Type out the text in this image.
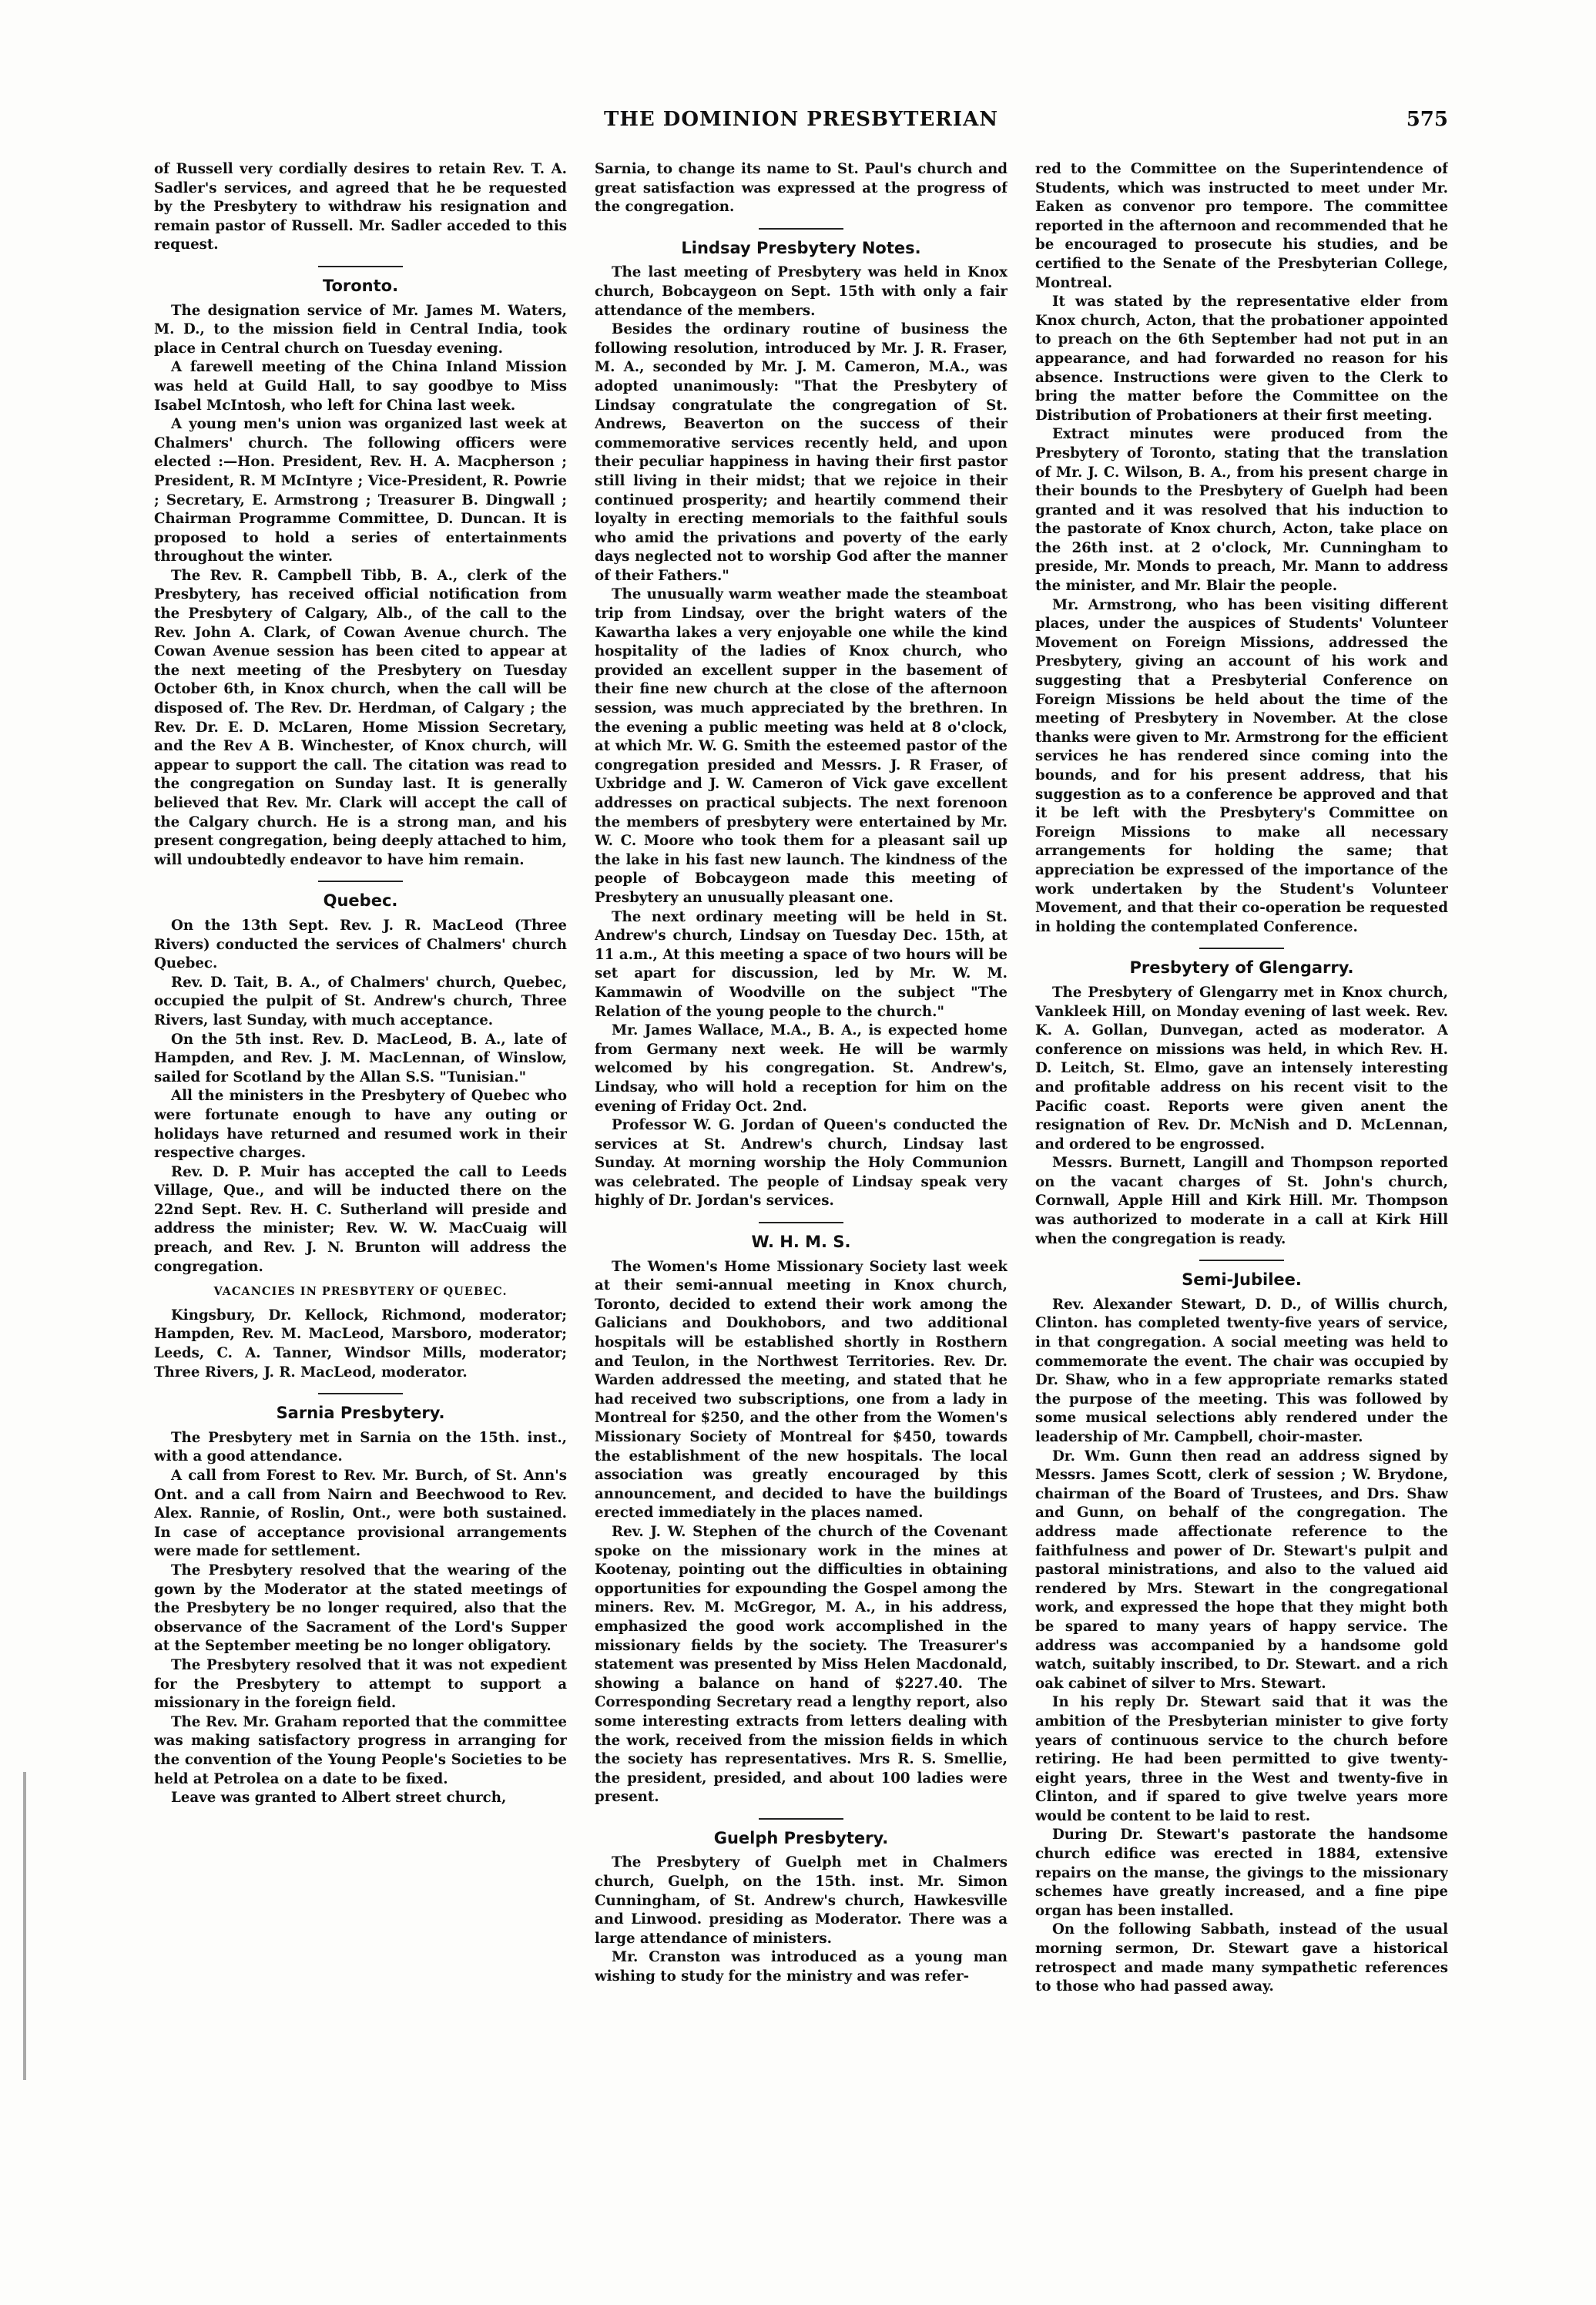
THE DOMINION PRESBYTERIAN	575

of Russell very cordially desires to retain Rev. T. A. Sadler's services, and agreed that he be requested by the Presbytery to withdraw his resignation and remain pastor of Russell. Mr. Sadler acceded to this request.

Toronto.

The designation service of Mr. James M. Waters, M. D., to the mission field in Central India, took place in Central church on Tuesday evening.

A farewell meeting of the China Inland Mission was held at Guild Hall, to say goodbye to Miss Isabel McIntosh, who left for China last week.

A young men's union was organized last week at Chalmers' church. The following officers were elected :—Hon. President, Rev. H. A. Macpherson ; President, R. M McIntyre ; Vice-President, R. Powrie ; Secretary, E. Armstrong ; Treasurer B. Dingwall ; Chairman Programme Committee, D. Duncan. It is proposed to hold a series of entertainments throughout the winter.

The Rev. R. Campbell Tibb, B. A., clerk of the Presbytery, has received official notification from the Presbytery of Calgary, Alb., of the call to the Rev. John A. Clark, of Cowan Avenue church. The Cowan Avenue session has been cited to appear at the next meeting of the Presbytery on Tuesday October 6th, in Knox church, when the call will be disposed of. The Rev. Dr. Herdman, of Calgary ; the Rev. Dr. E. D. McLaren, Home Mission Secretary, and the Rev A B. Winchester, of Knox church, will appear to support the call. The citation was read to the congregation on Sunday last. It is generally believed that Rev. Mr. Clark will accept the call of the Calgary church. He is a strong man, and his present congregation, being deeply attached to him, will undoubtedly endeavor to have him remain.

Quebec.

On the 13th Sept. Rev. J. R. MacLeod (Three Rivers) conducted the services of Chalmers' church Quebec.

Rev. D. Tait, B. A., of Chalmers' church, Quebec, occupied the pulpit of St. Andrew's church, Three Rivers, last Sunday, with much acceptance.

On the 5th inst. Rev. D. MacLeod, B. A., late of Hampden, and Rev. J. M. MacLennan, of Winslow, sailed for Scotland by the Allan S.S. "Tunisian."

All the ministers in the Presbytery of Quebec who were fortunate enough to have any outing or holidays have returned and resumed work in their respective charges.

Rev. D. P. Muir has accepted the call to Leeds Village, Que., and will be inducted there on the 22nd Sept. Rev. H. C. Sutherland will preside and address the minister; Rev. W. W. MacCuaig will preach, and Rev. J. N. Brunton will address the congregation.

VACANCIES IN PRESBYTERY OF QUEBEC.

Kingsbury, Dr. Kellock, Richmond, moderator; Hampden, Rev. M. MacLeod, Marsboro, moderator; Leeds, C. A. Tanner, Windsor Mills, moderator; Three Rivers, J. R. MacLeod, moderator.

Sarnia Presbytery.

The Presbytery met in Sarnia on the 15th. inst., with a good attendance.

A call from Forest to Rev. Mr. Burch, of St. Ann's Ont. and a call from Nairn and Beechwood to Rev. Alex. Rannie, of Roslin, Ont., were both sustained. In case of acceptance provisional arrangements were made for settlement.

The Presbytery resolved that the wearing of the gown by the Moderator at the stated meetings of the Presbytery be no longer required, also that the observance of the Sacrament of the Lord's Supper at the September meeting be no longer obligatory.

The Presbytery resolved that it was not expedient for the Presbytery to attempt to support a missionary in the foreign field.

The Rev. Mr. Graham reported that the committee was making satisfactory progress in arranging for the convention of the Young People's Societies to be held at Petrolea on a date to be fixed.

Leave was granted to Albert street church,

Sarnia, to change its name to St. Paul's church and great satisfaction was expressed at the progress of the congregation.

Lindsay Presbytery Notes.

The last meeting of Presbytery was held in Knox church, Bobcaygeon on Sept. 15th with only a fair attendance of the members.

Besides the ordinary routine of business the following resolution, introduced by Mr. J. R. Fraser, M. A., seconded by Mr. J. M. Cameron, M.A., was adopted unanimously: "That the Presbytery of Lindsay congratulate the congregation of St. Andrews, Beaverton on the success of their commemorative services recently held, and upon their peculiar happiness in having their first pastor still living in their midst; that we rejoice in their continued prosperity; and heartily commend their loyalty in erecting memorials to the faithful souls who amid the privations and poverty of the early days neglected not to worship God after the manner of their Fathers."

The unusually warm weather made the steamboat trip from Lindsay, over the bright waters of the Kawartha lakes a very enjoyable one while the kind hospitality of the ladies of Knox church, who provided an excellent supper in the basement of their fine new church at the close of the afternoon session, was much appreciated by the brethren. In the evening a public meeting was held at 8 o'clock, at which Mr. W. G. Smith the esteemed pastor of the congregation presided and Messrs. J. R Fraser, of Uxbridge and J. W. Cameron of Vick gave excellent addresses on practical subjects. The next forenoon the members of presbytery were entertained by Mr. W. C. Moore who took them for a pleasant sail up the lake in his fast new launch. The kindness of the people of Bobcaygeon made this meeting of Presbytery an unusually pleasant one.

The next ordinary meeting will be held in St. Andrew's church, Lindsay on Tuesday Dec. 15th, at 11 a.m., At this meeting a space of two hours will be set apart for discussion, led by Mr. W. M. Kammawin of Woodville on the subject "The Relation of the young people to the church."

Mr. James Wallace, M.A., B. A., is expected home from Germany next week. He will be warmly welcomed by his congregation. St. Andrew's, Lindsay, who will hold a reception for him on the evening of Friday Oct. 2nd.

Professor W. G. Jordan of Queen's conducted the services at St. Andrew's church, Lindsay last Sunday. At morning worship the Holy Communion was celebrated. The people of Lindsay speak very highly of Dr. Jordan's services.

W. H. M. S.

The Women's Home Missionary Society last week at their semi-annual meeting in Knox church, Toronto, decided to extend their work among the Galicians and Doukhobors, and two additional hospitals will be established shortly in Rosthern and Teulon, in the Northwest Territories. Rev. Dr. Warden addressed the meeting, and stated that he had received two subscriptions, one from a lady in Montreal for $250, and the other from the Women's Missionary Society of Montreal for $450, towards the establishment of the new hospitals. The local association was greatly encouraged by this announcement, and decided to have the buildings erected immediately in the places named.

Rev. J. W. Stephen of the church of the Covenant spoke on the missionary work in the mines at Kootenay, pointing out the difficulties in obtaining opportunities for expounding the Gospel among the miners. Rev. M. McGregor, M. A., in his address, emphasized the good work accomplished in the missionary fields by the society. The Treasurer's statement was presented by Miss Helen Macdonald, showing a balance on hand of $227.40. The Corresponding Secretary read a lengthy report, also some interesting extracts from letters dealing with the work, received from the mission fields in which the society has representatives. Mrs R. S. Smellie, the president, presided, and about 100 ladies were present.

Guelph Presbytery.

The Presbytery of Guelph met in Chalmers church, Guelph, on the 15th. inst. Mr. Simon Cunningham, of St. Andrew's church, Hawkesville and Linwood. presiding as Moderator. There was a large attendance of ministers.

Mr. Cranston was introduced as a young man wishing to study for the ministry and was refer-

red to the Committee on the Superintendence of Students, which was instructed to meet under Mr. Eaken as convenor pro tempore. The committee reported in the afternoon and recommended that he be encouraged to prosecute his studies, and be certified to the Senate of the Presbyterian College, Montreal.

It was stated by the representative elder from Knox church, Acton, that the probationer appointed to preach on the 6th September had not put in an appearance, and had forwarded no reason for his absence. Instructions were given to the Clerk to bring the matter before the Committee on the Distribution of Probationers at their first meeting.

Extract minutes were produced from the Presbytery of Toronto, stating that the translation of Mr. J. C. Wilson, B. A., from his present charge in their bounds to the Presbytery of Guelph had been granted and it was resolved that his induction to the pastorate of Knox church, Acton, take place on the 26th inst. at 2 o'clock, Mr. Cunningham to preside, Mr. Monds to preach, Mr. Mann to address the minister, and Mr. Blair the people.

Mr. Armstrong, who has been visiting different places, under the auspices of Students' Volunteer Movement on Foreign Missions, addressed the Presbytery, giving an account of his work and suggesting that a Presbyterial Conference on Foreign Missions be held about the time of the meeting of Presbytery in November. At the close thanks were given to Mr. Armstrong for the efficient services he has rendered since coming into the bounds, and for his present address, that his suggestion as to a conference be approved and that it be left with the Presbytery's Committee on Foreign Missions to make all necessary arrangements for holding the same; that appreciation be expressed of the importance of the work undertaken by the Student's Volunteer Movement, and that their co-operation be requested in holding the contemplated Conference.

Presbytery of Glengarry.

The Presbytery of Glengarry met in Knox church, Vankleek Hill, on Monday evening of last week. Rev. K. A. Gollan, Dunvegan, acted as moderator. A conference on missions was held, in which Rev. H. D. Leitch, St. Elmo, gave an intensely interesting and profitable address on his recent visit to the Pacific coast. Reports were given anent the resignation of Rev. Dr. McNish and D. McLennan, and ordered to be engrossed.

Messrs. Burnett, Langill and Thompson reported on the vacant charges of St. John's church, Cornwall, Apple Hill and Kirk Hill. Mr. Thompson was authorized to moderate in a call at Kirk Hill when the congregation is ready.

Semi-Jubilee.

Rev. Alexander Stewart, D. D., of Willis church, Clinton. has completed twenty-five years of service, in that congregation. A social meeting was held to commemorate the event. The chair was occupied by Dr. Shaw, who in a few appropriate remarks stated the purpose of the meeting. This was followed by some musical selections ably rendered under the leadership of Mr. Campbell, choir-master.

Dr. Wm. Gunn then read an address signed by Messrs. James Scott, clerk of session ; W. Brydone, chairman of the Board of Trustees, and Drs. Shaw and Gunn, on behalf of the congregation. The address made affectionate reference to the faithfulness and power of Dr. Stewart's pulpit and pastoral ministrations, and also to the valued aid rendered by Mrs. Stewart in the congregational work, and expressed the hope that they might both be spared to many years of happy service. The address was accompanied by a handsome gold watch, suitably inscribed, to Dr. Stewart. and a rich oak cabinet of silver to Mrs. Stewart.

In his reply Dr. Stewart said that it was the ambition of the Presbyterian minister to give forty years of continuous service to the church before retiring. He had been permitted to give twenty-eight years, three in the West and twenty-five in Clinton, and if spared to give twelve years more would be content to be laid to rest.

During Dr. Stewart's pastorate the handsome church edifice was erected in 1884, extensive repairs on the manse, the givings to the missionary schemes have greatly increased, and a fine pipe organ has been installed.

On the following Sabbath, instead of the usual morning sermon, Dr. Stewart gave a historical retrospect and made many sympathetic references to those who had passed away.
